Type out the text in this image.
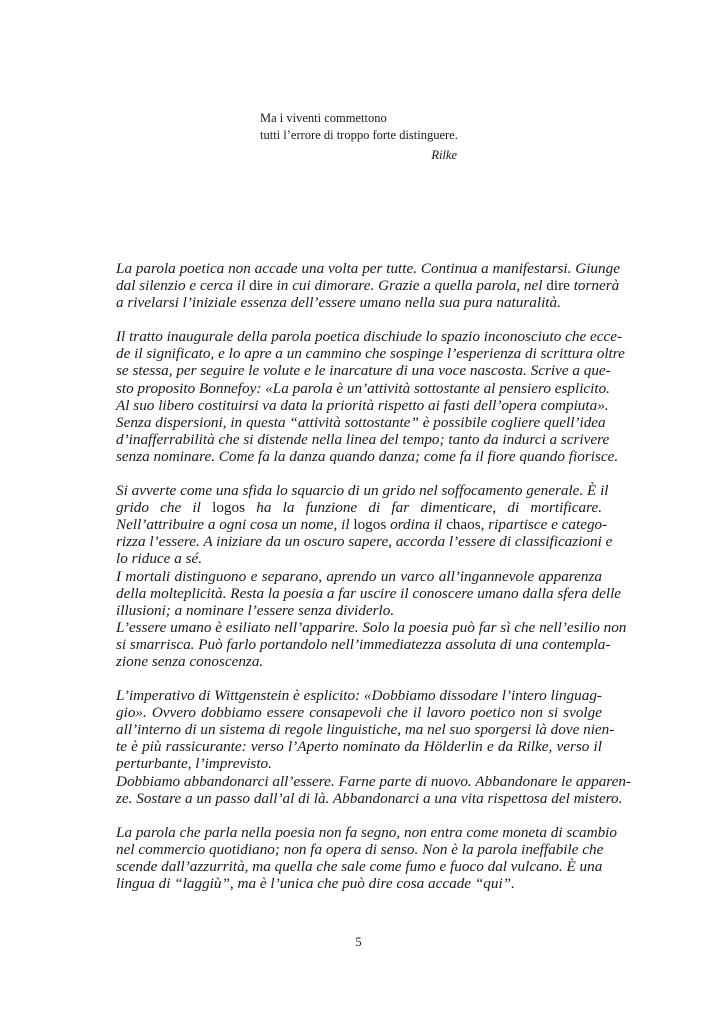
Ma i viventi commettono
tutti l’errore di troppo forte distinguere.
Rilke
La parola poetica non accade una volta per tutte. Continua a manifestarsi. Giunge
dal silenzio e cerca il dire in cui dimorare. Grazie a quella parola, nel dire tornerà
a rivelarsi l’iniziale essenza dell’essere umano nella sua pura naturalità.
Il tratto inaugurale della parola poetica dischiude lo spazio inconosciuto che ecce-
de il significato, e lo apre a un cammino che sospinge l’esperienza di scrittura oltre
se stessa, per seguire le volute e le inarcature di una voce nascosta. Scrive a que-
sto proposito Bonnefoy: «La parola è un’attività sottostante al pensiero esplicito.
Al suo libero costituirsi va data la priorità rispetto ai fasti dell’opera compiuta».
Senza dispersioni, in questa “attività sottostante” è possibile cogliere quell’idea
d’inafferrabilità che si distende nella linea del tempo; tanto da indurci a scrivere
senza nominare. Come fa la danza quando danza; come fa il fiore quando fiorisce.
Si avverte come una sfida lo squarcio di un grido nel soffocamento generale. È il
grido che il logos ha la funzione di far dimenticare, di mortificare.
Nell’attribuire a ogni cosa un nome, il logos ordina il chaos, ripartisce e catego-
rizza l’essere. A iniziare da un oscuro sapere, accorda l’essere di classificazioni e
lo riduce a sé.
I mortali distinguono e separano, aprendo un varco all’ingannevole apparenza
della molteplicità. Resta la poesia a far uscire il conoscere umano dalla sfera delle
illusioni; a nominare l’essere senza dividerlo.
L’essere umano è esiliato nell’apparire. Solo la poesia può far sì che nell’esilio non
si smarrisca. Può farlo portandolo nell’immediatezza assoluta di una contempla-
zione senza conoscenza.
L’imperativo di Wittgenstein è esplicito: «Dobbiamo dissodare l’intero linguag-
gio». Ovvero dobbiamo essere consapevoli che il lavoro poetico non si svolge
all’interno di un sistema di regole linguistiche, ma nel suo sporgersi là dove nien-
te è più rassicurante: verso l’Aperto nominato da Hölderlin e da Rilke, verso il
perturbante, l’imprevisto.
Dobbiamo abbandonarci all’essere. Farne parte di nuovo. Abbandonare le apparen-
ze. Sostare a un passo dall’al di là. Abbandonarci a una vita rispettosa del mistero.
La parola che parla nella poesia non fa segno, non entra come moneta di scambio
nel commercio quotidiano; non fa opera di senso. Non è la parola ineffabile che
scende dall’azzurrità, ma quella che sale come fumo e fuoco dal vulcano. È una
lingua di “laggiù”, ma è l’unica che può dire cosa accade “qui”.
5
